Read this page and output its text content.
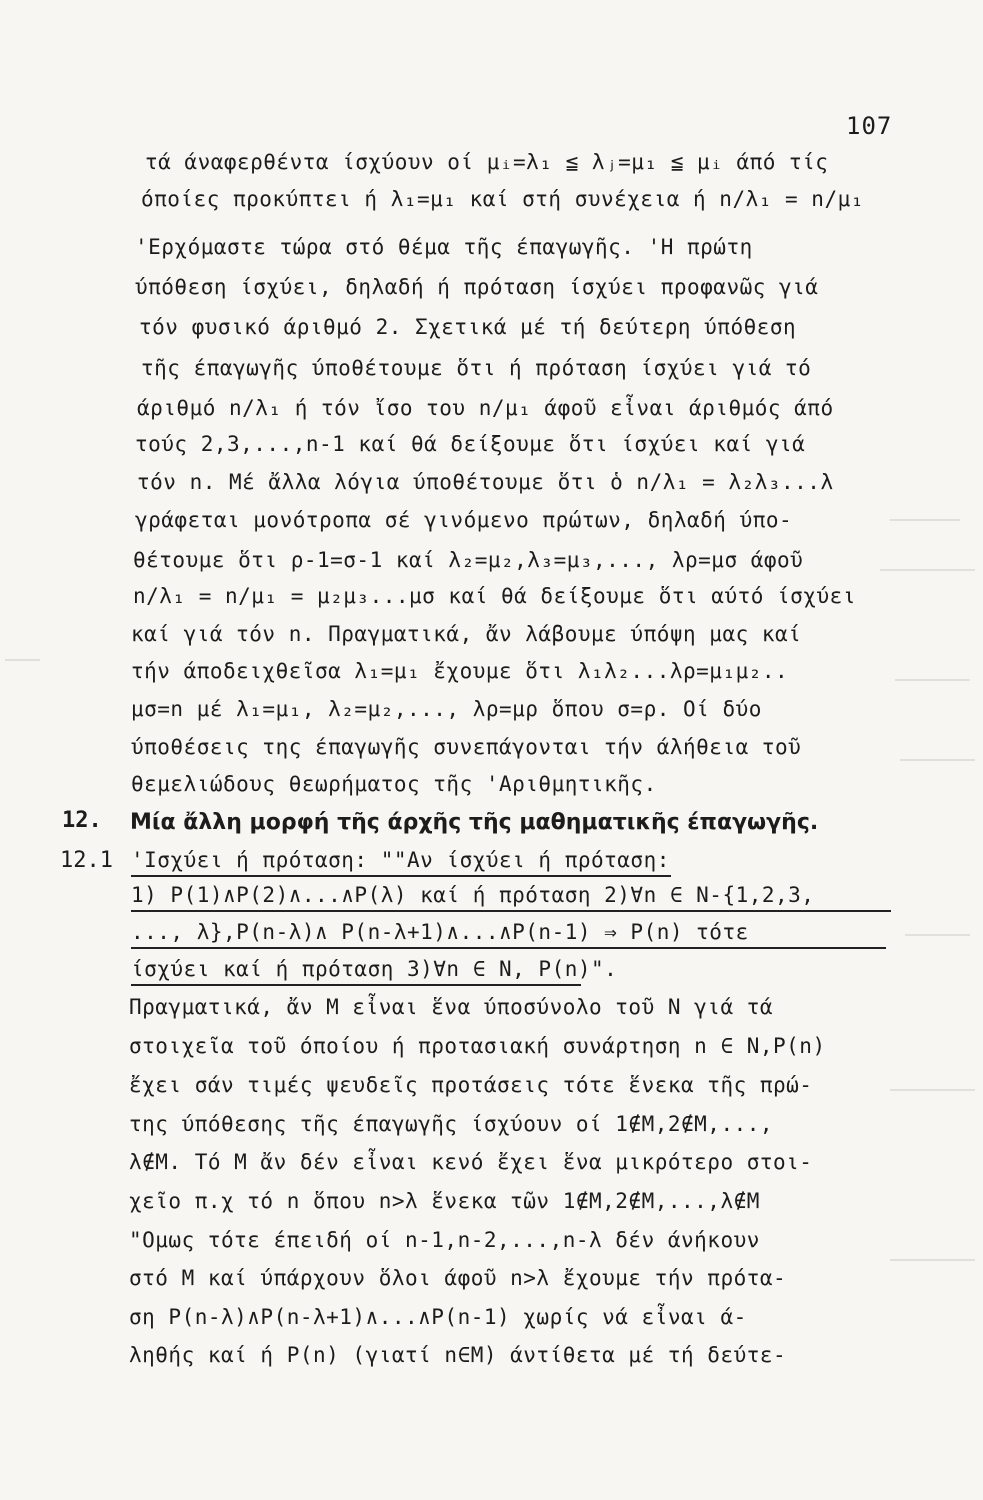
107
τά άναφερθέντα ίσχύουν οί μᵢ=λ₁ ≦ λⱼ=μ₁ ≦ μᵢ άπό τίς
όποίες προκύπτει ή λ₁=μ₁ καί στή συνέχεια ή n/λ₁ = n/μ₁
'Ερχόμαστε τώρα στό θέμα τῆς έπαγωγῆς. 'Η πρώτη
ύπόθεση ίσχύει, δηλαδή ή πρόταση ίσχύει προφανῶς γιά
τόν φυσικό άριθμό 2. Σχετικά μέ τή δεύτερη ύπόθεση
τῆς έπαγωγῆς ύποθέτουμε ὅτι ή πρόταση ίσχύει γιά τό
άριθμό n/λ₁ ή τόν ἴσο του n/μ₁ άφοῦ εἶναι άριθμός άπό
τούς 2,3,...,n-1 καί θά δείξουμε ὅτι ίσχύει καί γιά
τόν n. Μέ ἄλλα λόγια ύποθέτουμε ὅτι ὁ n/λ₁ = λ₂λ₃...λ
γράφεται μονότροπα σέ γινόμενο πρώτων, δηλαδή ύπο-
θέτουμε ὅτι ρ-1=σ-1 καί λ₂=μ₂,λ₃=μ₃,..., λρ=μσ άφοῦ
n/λ₁ = n/μ₁ = μ₂μ₃...μσ καί θά δείξουμε ὅτι αύτό ίσχύει
καί γιά τόν n. Πραγματικά, ἄν λάβουμε ύπόψη μας καί
τήν άποδειχθεῖσα λ₁=μ₁ ἔχουμε ὅτι λ₁λ₂...λρ=μ₁μ₂..
μσ=n μέ λ₁=μ₁, λ₂=μ₂,..., λρ=μρ ὅπου σ=ρ. Οί δύο
ύποθέσεις της έπαγωγῆς συνεπάγονται τήν άλήθεια τοῦ
θεμελιώδους θεωρήματος τῆς 'Αριθμητικῆς.
12. Μία ἄλλη μορφή τῆς άρχῆς τῆς μαθηματικῆς έπαγωγῆς.
12.1 'Ισχύει ή πρόταση: ""Αν ίσχύει ή πρόταση:
1) P(1)∧P(2)∧...∧P(λ) καί ή πρόταση 2)∀n ∈ N-{1,2,3,
..., λ},P(n-λ)∧ P(n-λ+1)∧...∧P(n-1) ⇒ P(n) τότε
ίσχύει καί ή πρόταση 3)∀n ∈ N, P(n)".
Πραγματικά, ἄν Μ εἶναι ἕνα ύποσύνολο τοῦ N γιά τά
στοιχεῖα τοῦ όποίου ή προτασιακή συνάρτηση n ∈ N,P(n)
ἔχει σάν τιμές ψευδεῖς προτάσεις τότε ἕνεκα τῆς πρώ-
της ύπόθεσης τῆς έπαγωγῆς ίσχύουν οί 1∉Μ,2∉Μ,...,
λ∉Μ. Τό Μ ἄν δέν εἶναι κενό ἔχει ἕνα μικρότερο στοι-
χεῖο π.χ τό n ὅπου n>λ ἕνεκα τῶν 1∉Μ,2∉Μ,...,λ∉Μ
"Ομως τότε έπειδή οί n-1,n-2,...,n-λ δέν άνήκουν
στό Μ καί ύπάρχουν ὅλοι άφοῦ n>λ ἔχουμε τήν πρότα-
ση P(n-λ)∧P(n-λ+1)∧...∧P(n-1) χωρίς νά εἶναι ά-
ληθής καί ή P(n) (γιατί n∈Μ) άντίθετα μέ τή δεύτε-
